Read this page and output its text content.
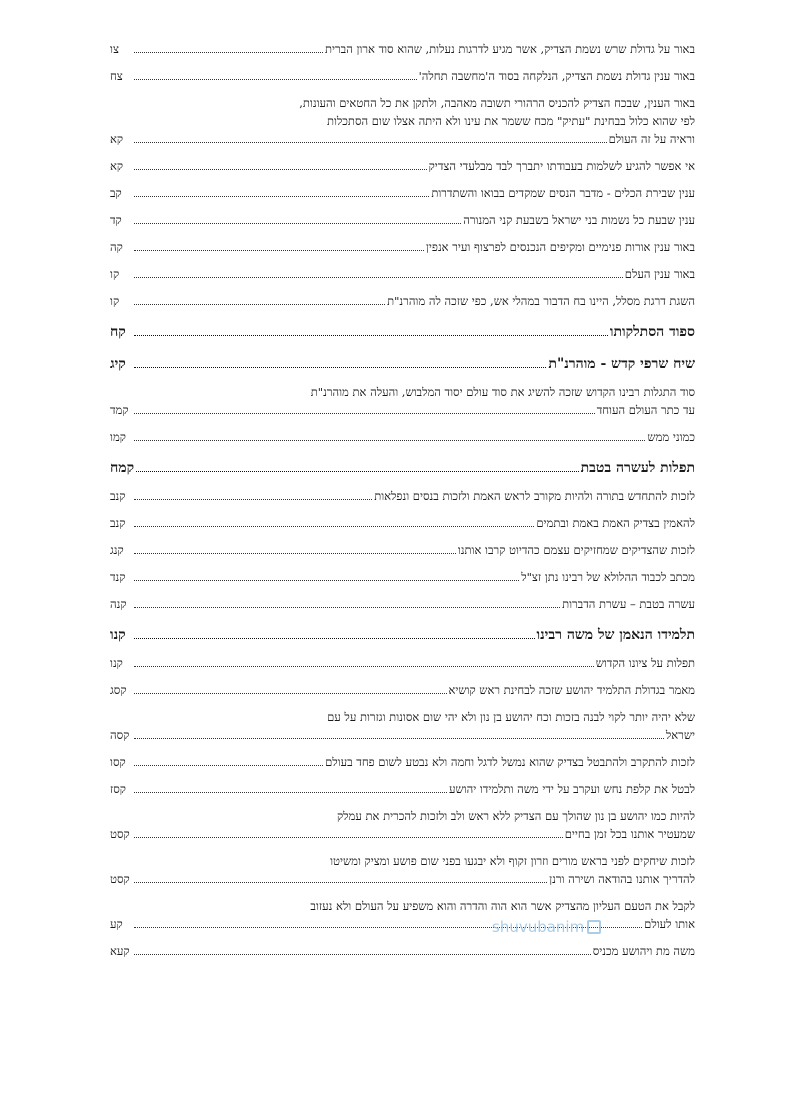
באור על גדולת שרש נשמת הצדיק, אשר מגיע לדרגות נעלות, שהוא סוד ארון הברית
צו
באור ענין גדולת נשמת הצדיק, הנלקחה בסוד ה'מחשבה תחלה'
צח
באור הענין, שבכח הצדיק להכניס הרהורי תשובה מאהבה, ולתקן את כל החטאים והעונות,
לפי שהוא כלול בבחינת "עתיק" מכח ששמר את עינו ולא היתה אצלו שום הסתכלות
וראיה על זה העולם
קא
אי אפשר להגיע לשלמות בעבודתו יתברך לבד מבלעדי הצדיק
קא
ענין שבירת הכלים - מדבר הנסים שמקדים בבואו והשתדרות
קב
ענין שבעת כל נשמות בני ישראל בשבעת קני המנורה
קד
באור ענין אורות פנימיים ומקיפים הנכנסים לפרצוף ועיר אנפין
קה
באור ענין העלם
קו
השגת דרגת מסלל, היינו בח הדבור במהלי אש, כפי שזכה לה מוהרנ"ת
קו
ספוד הסתלקותו
קח
שיח שרפי קדש - מוהרנ"ת
קיג
סוד התגלות רבינו הקדוש שזכה להשיג את סוד עולם יסוד המלבוש, והעלה את מוהרנ"ת
עד כתר העולם העוחד
קמד
כמוני ממש
קמו
תפלות לעשרה בטבת
קמח
לזכות להתחדש בתורה ולהיות מקורב לראש האמת ולזכות בנסים ונפלאות
קנב
להאמין בצדיק האמת באמת ובתמים
קנב
לזכות שהצדיקים שמחזיקים עצמם כהדיוט קרבו אותנו
קנג
מכתב לכבוד ההלולא של רבינו נתן זצ"ל
קנד
עשרה בטבת – עשרת הדברות
קנה
תלמידו הנאמן של משה רבינו
קנו
תפלות על ציונו הקדוש
קנו
מאמר בגדולת התלמיד יהושע שזכה לבחינת ראש קושיא
קסג
שלא יהיה יותר לקוי לבנה בזכות וכח יהושע בן נון ולא יהי שום אסונות וגזרות על עם
ישראל
קסה
לזכות להתקרב ולהתבטל בצדיק שהוא נמשל לדגל וחמה ולא נבטע לשום פחד בעולם
קסו
לבטל את קלפת נחש ועקרב על ידי משה ותלמידו יהושע
קסז
להיות כמו יהושע בן נון שהולך עם הצדיק ללא ראש ולב ולזכות להכרית את עמלק
שמעטיר אותנו בכל זמן בחיים
קסט
לזכות שיחקים לפני בראש מורים וזרון זקוף ולא יבגעו בפני שום פושע ומציק ומשיטו
להדריך אותנו בהודאה ושירה ורנן
קסט
לקבל את הטעם העליון מהצדיק אשר הוא הוה והדרה והוא משפיע על העולם ולא נעזוב
אותו לעולם
קע
משה מת ויהושע מכניס
קעא
shuvubanim
